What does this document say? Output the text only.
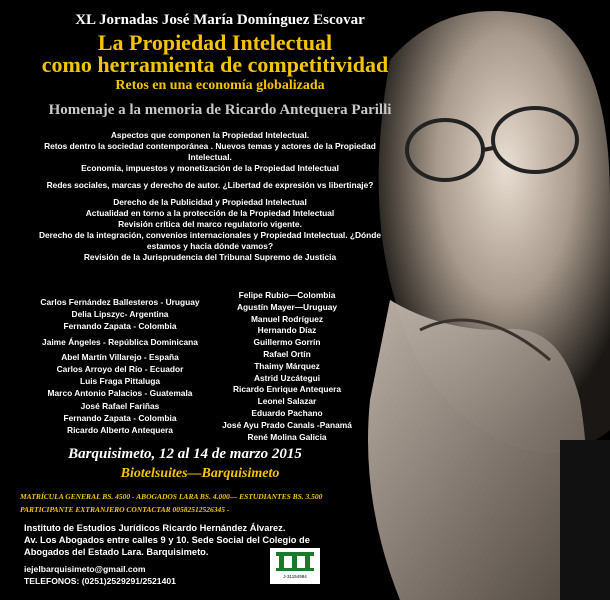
XL Jornadas José María Domínguez Escovar
La Propiedad Intelectual
como herramienta de competitividad
Retos en una economía globalizada
Homenaje a la memoria de Ricardo Antequera Parilli
Aspectos que componen la Propiedad Intelectual.
Retos dentro la sociedad contemporánea . Nuevos temas y actores de la Propiedad
Intelectual.
Economía, impuestos y monetización de la Propiedad Intelectual
Redes sociales, marcas y derecho de autor. ¿Libertad de expresión vs libertinaje?
Derecho de la Publicidad y Propiedad Intelectual
Actualidad en torno a la protección de la Propiedad Intelectual
Revisión crítica del marco regulatorio vigente.
Derecho de la integración, convenios internacionales y Propiedad Intelectual. ¿Dónde
estamos y hacia dónde vamos?
Revisión de la Jurisprudencia del Tribunal Supremo de Justicia
Carlos Fernández Ballesteros - Uruguay
Delia Lipszyc- Argentina
Fernando Zapata - Colombia
Jaime Ángeles - República Dominicana
Abel Martín Villarejo - España
Carlos Arroyo del Río - Ecuador
Luis Fraga Pittaluga
Marco Antonio Palacios - Guatemala
José Rafael Fariñas
Fernando Zapata - Colombia
Ricardo Alberto Antequera
Felipe Rubio—Colombia
Agustín Mayer—Uruguay
Manuel Rodríguez
Hernando Díaz
Guillermo Gorrín
Rafael Ortín
Thaimy Márquez
Astrid Uzcátegui
Ricardo Enrique Antequera
Leonel Salazar
Eduardo Pachano
José Ayu Prado Canals -Panamá
René Molina Galicia
Barquisimeto, 12 al 14 de marzo 2015
Biotelsuites—Barquisimeto
MATRÍCULA GENERAL BS. 4500 - ABOGADOS LARA BS. 4.000— ESTUDIANTES BS. 3.500
PARTICIPANTE EXTRANJERO CONTACTAR 00582512526345 -
Instituto de Estudios Jurídicos Ricardo Hernández Álvarez.
Av. Los Abogados entre calles 9 y 10. Sede Social del Colegio de
Abogados del Estado Lara. Barquisimeto.
iejelbarquisimeto@gmail.com
TELEFONOS: (0251)2529291/2521401	J-31154984
